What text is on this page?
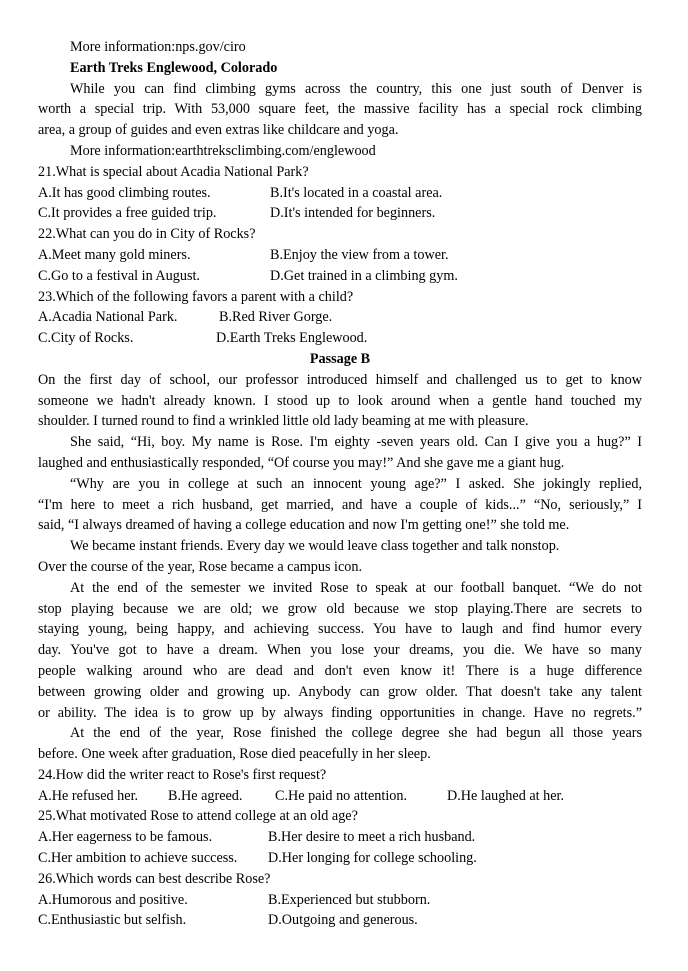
More information:nps.gov/ciro
Earth Treks Englewood, Colorado
While you can find climbing gyms across the country, this one just south of Denver is
worth a special trip. With 53,000 square feet, the massive facility has a special rock climbing
area, a group of guides and even extras like childcare and yoga.
More information:earthtreksclimbing.com/englewood
21.What is special about Acadia National Park?
A.It has good climbing routes.	B.It's located in a coastal area.
C.It provides a free guided trip.	D.It's intended for beginners.
22.What can you do in City of Rocks?
A.Meet many gold miners.	B.Enjoy the view from a tower.
C.Go to a festival in August.	D.Get trained in a climbing gym.
23.Which of the following favors a parent with a child?
A.Acadia National Park.	B.Red River Gorge.
C.City of Rocks.	D.Earth Treks Englewood.
Passage B
On the first day of school, our professor introduced himself and challenged us to get to know
someone we hadn't already known. I stood up to look around when a gentle hand touched my
shoulder. I turned round to find a wrinkled little old lady beaming at me with pleasure.
She said, “Hi, boy. My name is Rose. I'm eighty -seven years old. Can I give you a hug?” I
laughed and enthusiastically responded, “Of course you may!” And she gave me a giant hug.
“Why are you in college at such an innocent young age?” I asked. She jokingly replied,
“I'm here to meet a rich husband, get married, and have a couple of kids...” “No, seriously,” I
said, “I always dreamed of having a college education and now I'm getting one!” she told me.
We became instant friends. Every day we would leave class together and talk nonstop.
Over the course of the year, Rose became a campus icon.
At the end of the semester we invited Rose to speak at our football banquet. “We do not
stop playing because we are old; we grow old because we stop playing.There are secrets to
staying young, being happy, and achieving success. You have to laugh and find humor every
day. You've got to have a dream. When you lose your dreams, you die. We have so many
people walking around who are dead and don't even know it! There is a huge difference
between growing older and growing up. Anybody can grow older. That doesn't take any talent
or ability. The idea is to grow up by always finding opportunities in change. Have no regrets.”
At the end of the year, Rose finished the college degree she had begun all those years
before. One week after graduation, Rose died peacefully in her sleep.
24.How did the writer react to Rose's first request?
A.He refused her.	B.He agreed.	C.He paid no attention.	D.He laughed at her.
25.What motivated Rose to attend college at an old age?
A.Her eagerness to be famous.	B.Her desire to meet a rich husband.
C.Her ambition to achieve success.	D.Her longing for college schooling.
26.Which words can best describe Rose?
A.Humorous and positive.	B.Experienced but stubborn.
C.Enthusiastic but selfish.	D.Outgoing and generous.
